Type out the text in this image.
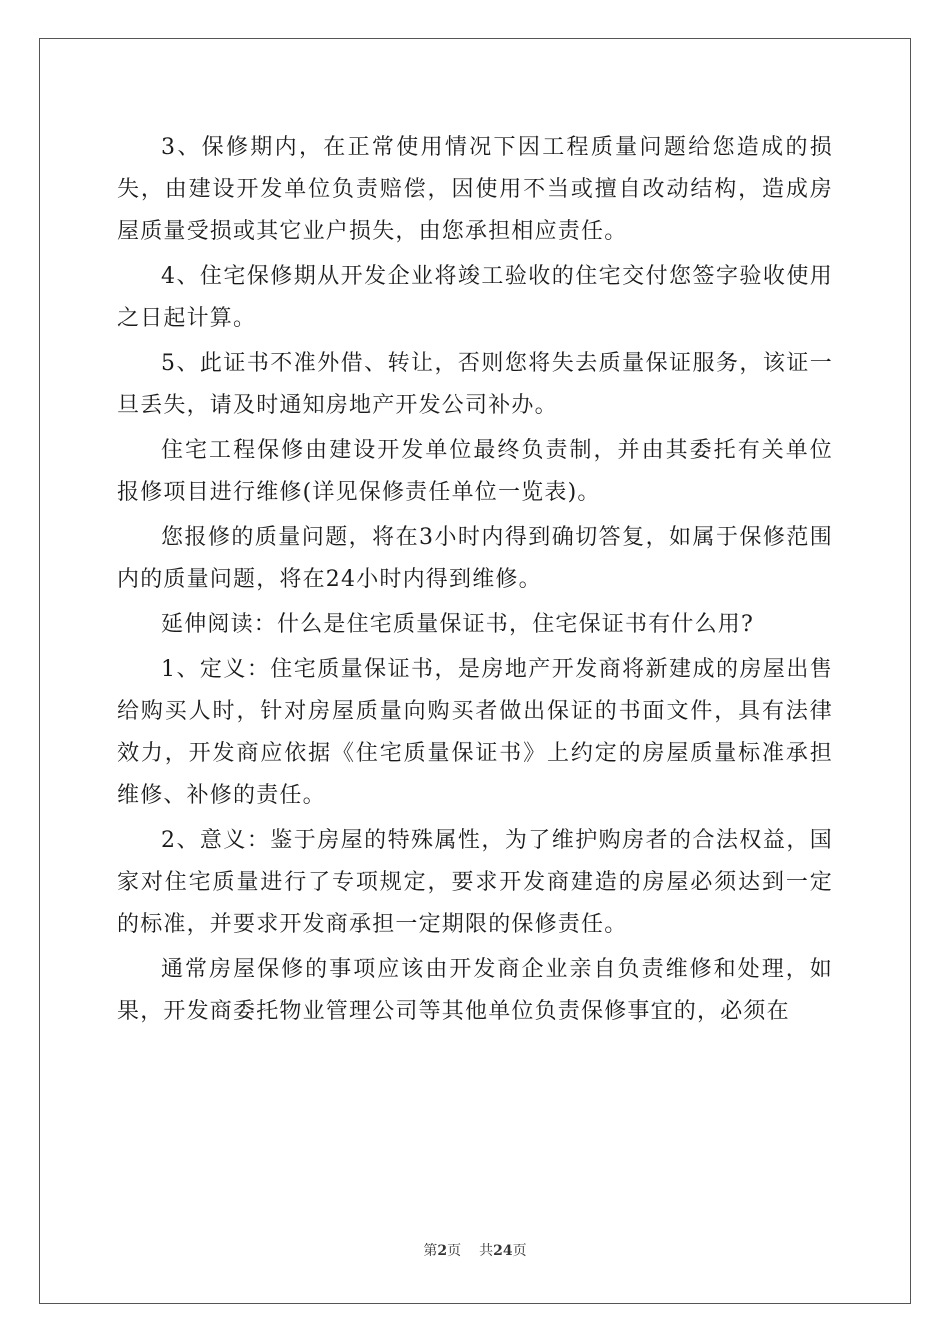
3、保修期内，在正常使用情况下因工程质量问题给您造成的损失，由建设开发单位负责赔偿，因使用不当或擅自改动结构，造成房屋质量受损或其它业户损失，由您承担相应责任。

4、住宅保修期从开发企业将竣工验收的住宅交付您签字验收使用之日起计算。

5、此证书不准外借、转让，否则您将失去质量保证服务，该证一旦丢失，请及时通知房地产开发公司补办。

住宅工程保修由建设开发单位最终负责制，并由其委托有关单位报修项目进行维修(详见保修责任单位一览表)。

您报修的质量问题，将在3小时内得到确切答复，如属于保修范围内的质量问题，将在24小时内得到维修。

延伸阅读：什么是住宅质量保证书，住宅保证书有什么用?

1、定义：住宅质量保证书，是房地产开发商将新建成的房屋出售给购买人时，针对房屋质量向购买者做出保证的书面文件，具有法律效力，开发商应依据《住宅质量保证书》上约定的房屋质量标准承担维修、补修的责任。

2、意义：鉴于房屋的特殊属性，为了维护购房者的合法权益，国家对住宅质量进行了专项规定，要求开发商建造的房屋必须达到一定的标准，并要求开发商承担一定期限的保修责任。

通常房屋保修的事项应该由开发商企业亲自负责维修和处理，如果，开发商委托物业管理公司等其他单位负责保修事宜的，必须在

第2页 共24页
